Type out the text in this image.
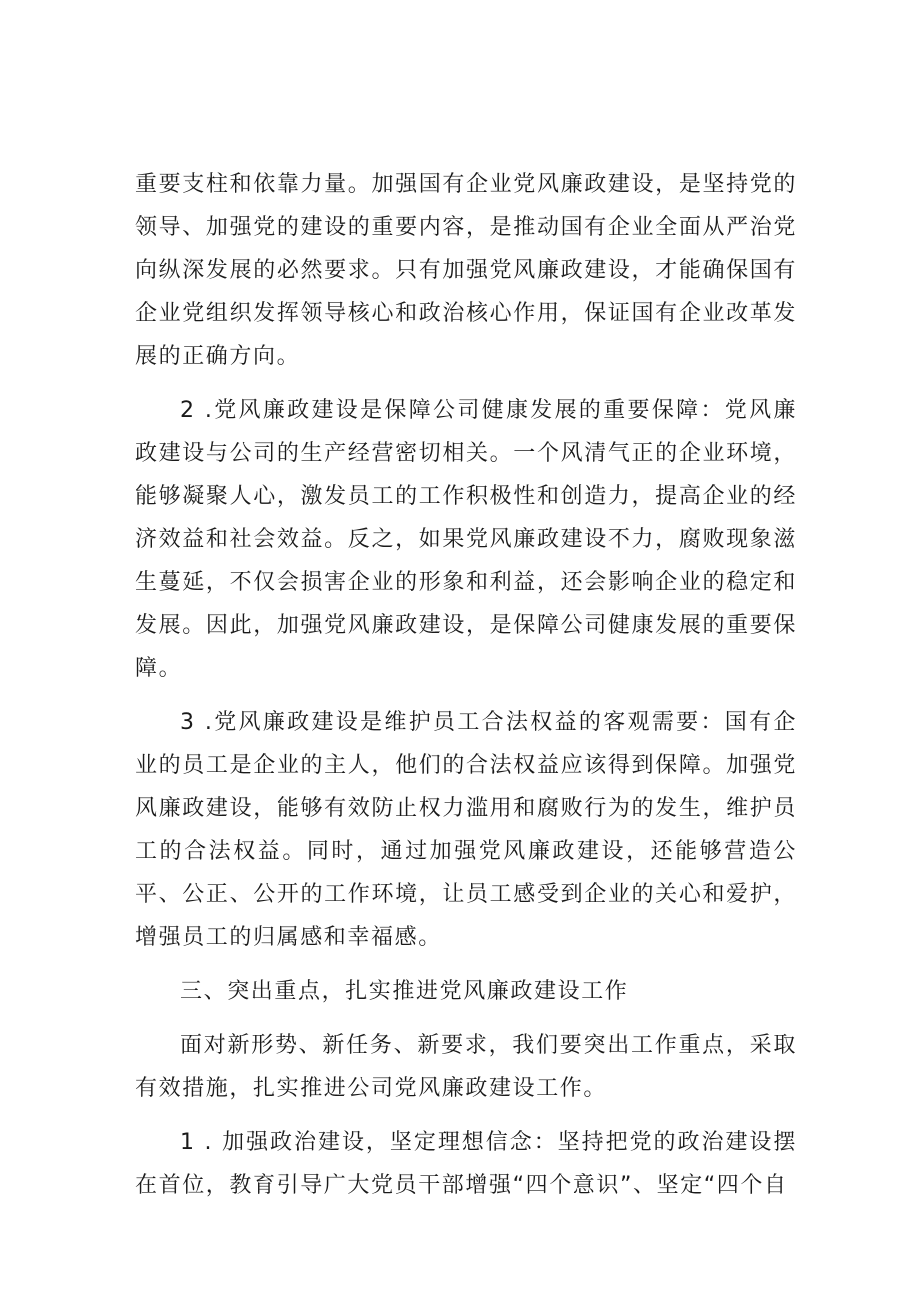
重要支柱和依靠力量。加强国有企业党风廉政建设，是坚持党的领导、加强党的建设的重要内容，是推动国有企业全面从严治党向纵深发展的必然要求。只有加强党风廉政建设，才能确保国有企业党组织发挥领导核心和政治核心作用，保证国有企业改革发展的正确方向。

2 .党风廉政建设是保障公司健康发展的重要保障：党风廉政建设与公司的生产经营密切相关。一个风清气正的企业环境，能够凝聚人心，激发员工的工作积极性和创造力，提高企业的经济效益和社会效益。反之，如果党风廉政建设不力，腐败现象滋生蔓延，不仅会损害企业的形象和利益，还会影响企业的稳定和发展。因此，加强党风廉政建设，是保障公司健康发展的重要保障。

3 .党风廉政建设是维护员工合法权益的客观需要：国有企业的员工是企业的主人，他们的合法权益应该得到保障。加强党风廉政建设，能够有效防止权力滥用和腐败行为的发生，维护员工的合法权益。同时，通过加强党风廉政建设，还能够营造公平、公正、公开的工作环境，让员工感受到企业的关心和爱护，增强员工的归属感和幸福感。

三、突出重点，扎实推进党风廉政建设工作

面对新形势、新任务、新要求，我们要突出工作重点，采取有效措施，扎实推进公司党风廉政建设工作。

1 . 加强政治建设，坚定理想信念：坚持把党的政治建设摆在首位，教育引导广大党员干部增强“四个意识”、坚定“四个自
